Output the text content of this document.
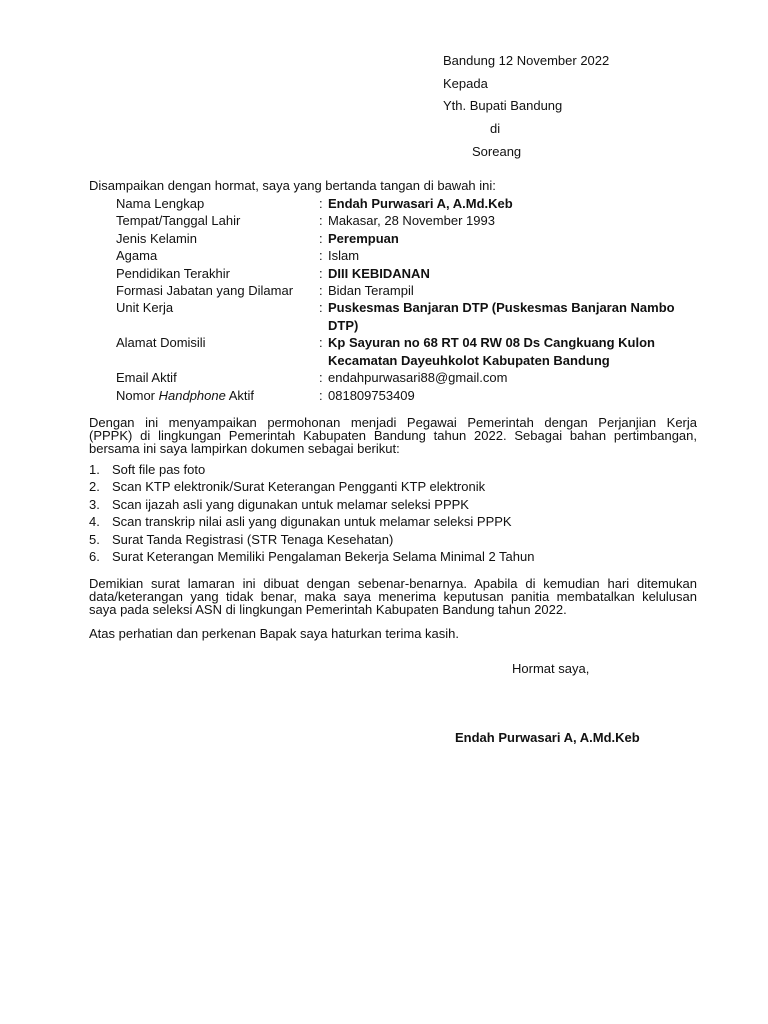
Bandung 12 November 2022
Kepada
Yth. Bupati Bandung
di
Soreang
Disampaikan dengan hormat, saya yang bertanda tangan di bawah ini:
Nama Lengkap	: Endah Purwasari A, A.Md.Keb
Tempat/Tanggal Lahir	: Makasar, 28 November 1993
Jenis Kelamin	: Perempuan
Agama	: Islam
Pendidikan Terakhir	: DIII KEBIDANAN
Formasi Jabatan yang Dilamar : Bidan Terampil
Unit Kerja	: Puskesmas Banjaran DTP (Puskesmas Banjaran Nambo
DTP)
Alamat Domisili	: Kp Sayuran no 68 RT 04 RW 08 Ds Cangkuang Kulon
Kecamatan Dayeuhkolot Kabupaten Bandung
Email Aktif	: endahpurwasari88@gmail.com
Nomor Handphone Aktif	: 081809753409
Dengan ini menyampaikan permohonan menjadi Pegawai Pemerintah dengan Perjanjian Kerja
(PPPK) di lingkungan Pemerintah Kabupaten Bandung tahun 2022. Sebagai bahan pertimbangan,
bersama ini saya lampirkan dokumen sebagai berikut:
1. Soft file pas foto
2. Scan KTP elektronik/Surat Keterangan Pengganti KTP elektronik
3. Scan ijazah asli yang digunakan untuk melamar seleksi PPPK
4. Scan transkrip nilai asli yang digunakan untuk melamar seleksi PPPK
5. Surat Tanda Registrasi (STR Tenaga Kesehatan)
6. Surat Keterangan Memiliki Pengalaman Bekerja Selama Minimal 2 Tahun
Demikian surat lamaran ini dibuat dengan sebenar-benarnya. Apabila di kemudian hari ditemukan
data/keterangan yang tidak benar, maka saya menerima keputusan panitia membatalkan kelulusan
saya pada seleksi ASN di lingkungan Pemerintah Kabupaten Bandung tahun 2022.
Atas perhatian dan perkenan Bapak saya haturkan terima kasih.
Hormat saya,
Endah Purwasari A, A.Md.Keb
